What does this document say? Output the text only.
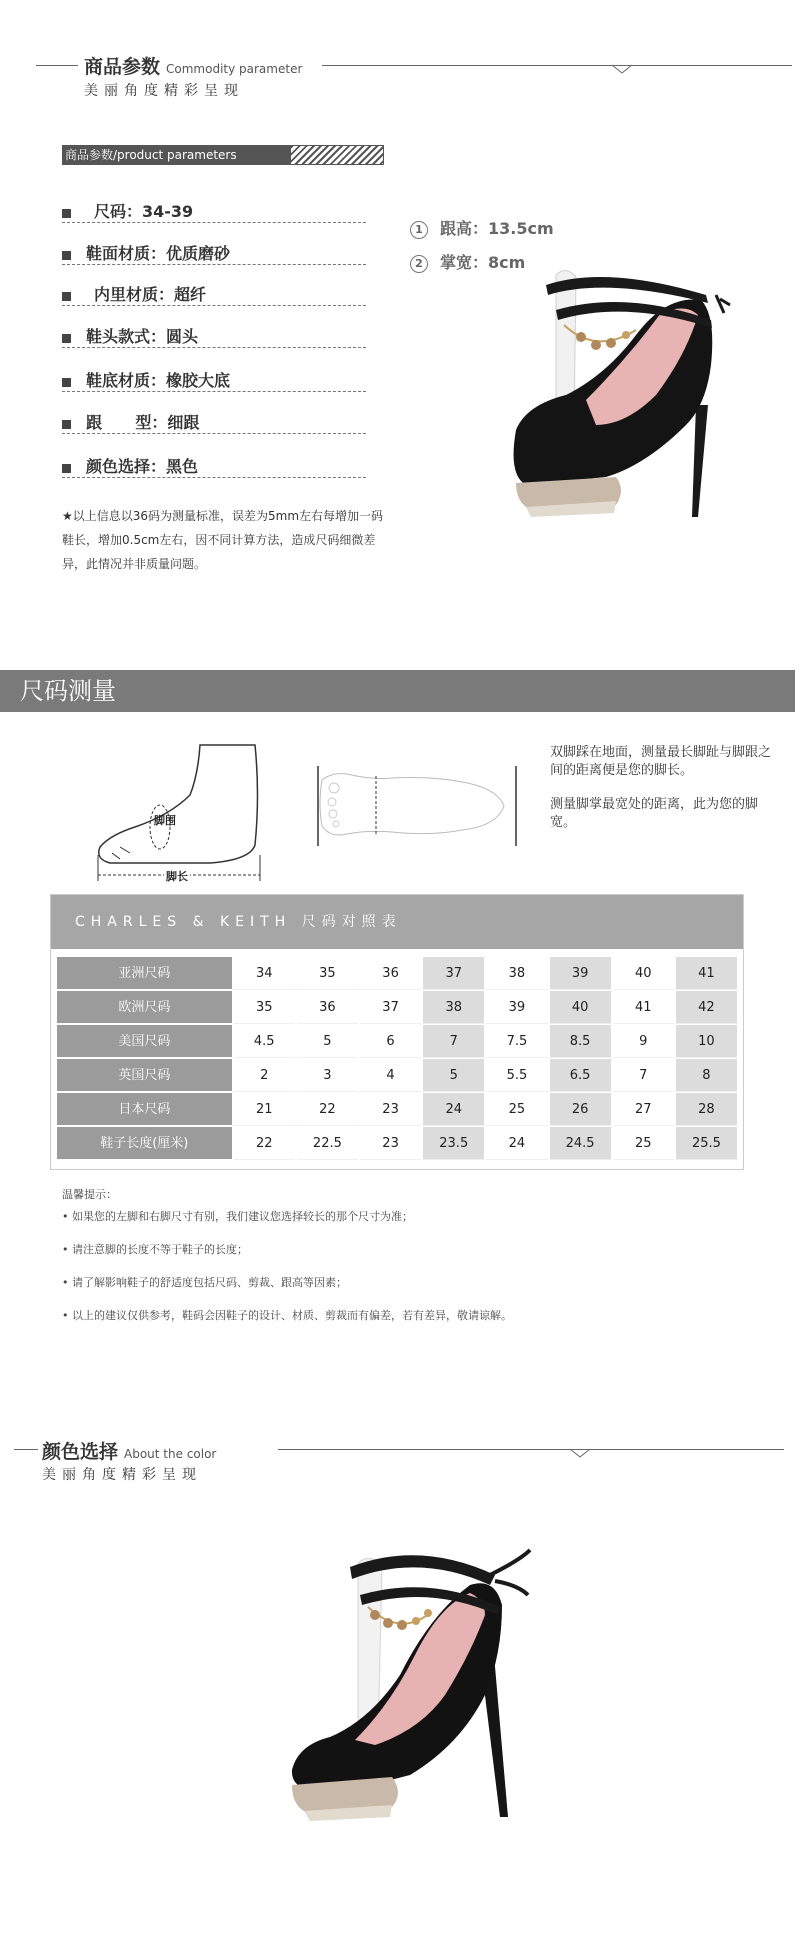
商品参数 Commodity parameter
美丽角度精彩呈现
商品参数/product parameters
尺码：34-39
鞋面材质：优质磨砂
内里材质：超纤
鞋头款式：圆头
鞋底材质：橡胶大底
跟      型：细跟
颜色选择：黑色
★以上信息以36码为测量标准，误差为5mm左右每增加一码鞋长，增加0.5cm左右，因不同计算方法，造成尺码细微差异，此情况并非质量问题。
1 跟高：13.5cm
2 掌宽：8cm
尺码测量
脚围
脚长
双脚踩在地面，测量最长脚趾与脚跟之间的距离便是您的脚长。
测量脚掌最宽处的距离，此为您的脚宽。
CHARLES & KEITH 尺码对照表
亚洲尺码	34	35	36	37	38	39	40	41
欧洲尺码	35	36	37	38	39	40	41	42
美国尺码	4.5	5	6	7	7.5	8.5	9	10
英国尺码	2	3	4	5	5.5	6.5	7	8
日本尺码	21	22	23	24	25	26	27	28
鞋子长度(厘米)	22	22.5	23	23.5	24	24.5	25	25.5
温馨提示：
• 如果您的左脚和右脚尺寸有别，我们建议您选择较长的那个尺寸为准；
• 请注意脚的长度不等于鞋子的长度；
• 请了解影响鞋子的舒适度包括尺码、剪裁、跟高等因素；
• 以上的建议仅供参考，鞋码会因鞋子的设计、材质、剪裁而有偏差，若有差异，敬请谅解。
颜色选择 About the color
美丽角度精彩呈现
